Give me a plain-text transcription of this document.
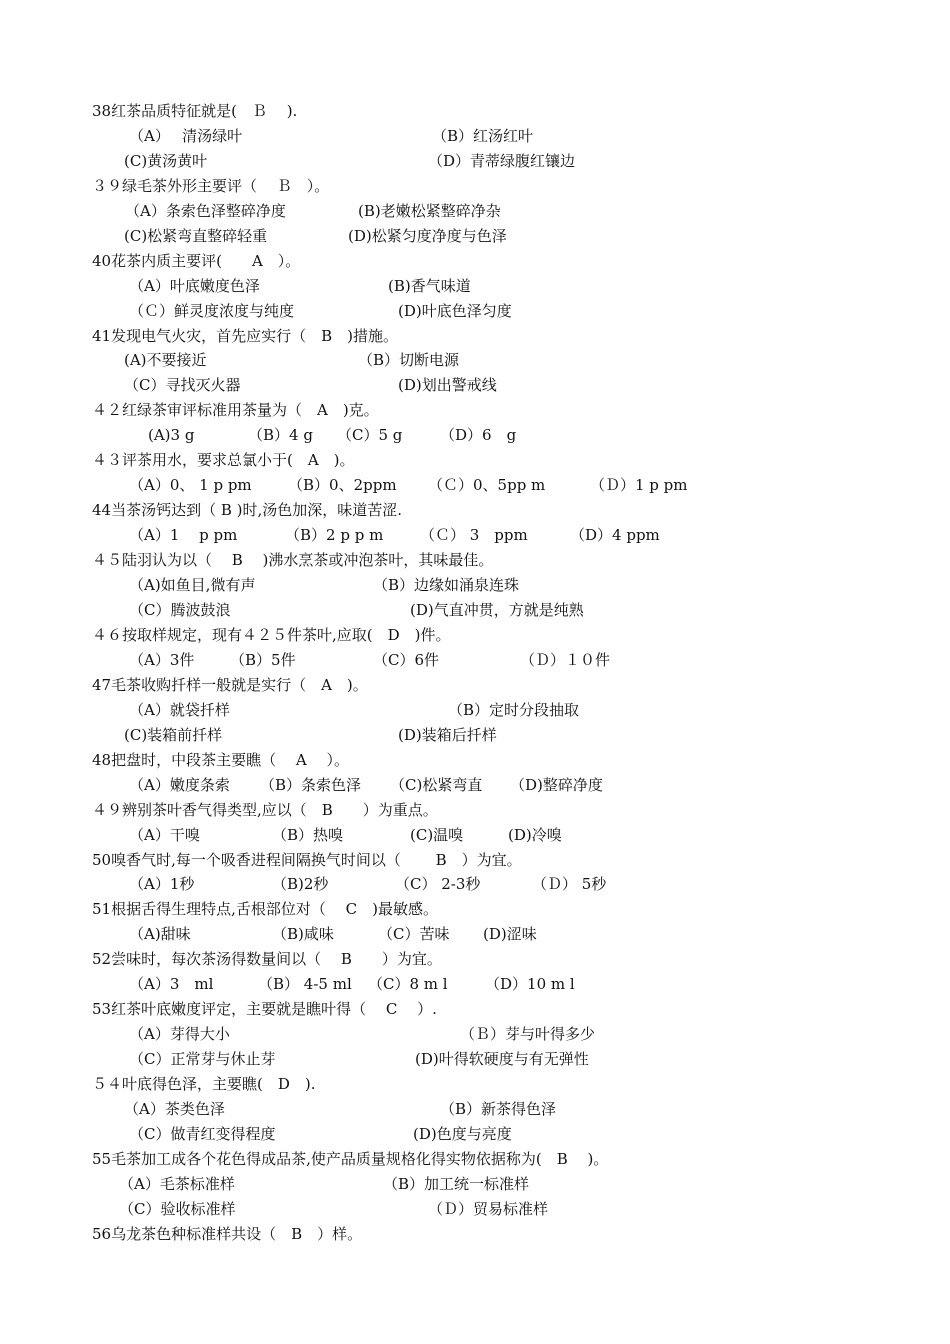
38红茶品质特征就是(　Ｂ　 ).
（A）　 清汤绿叶	（B）红汤红叶
(C)黄汤黄叶	（D）青蒂绿腹红镶边
３９绿毛茶外形主要评（　 Ｂ　）。
（A）条索色泽整碎净度	(B)老嫩松紧整碎净杂
(C)松紧弯直整碎轻重	(D)松紧匀度净度与色泽
40花茶内质主要评(　　A　）。
（A）叶底嫩度色泽	(B)香气味道
（Ｃ）鲜灵度浓度与纯度	(D)叶底色泽匀度
41发现电气火灾，首先应实行（　B　)措施。
(A)不要接近	（B）切断电源
（C）寻找灭火器	(D)划出警戒线
４２红绿茶审评标准用茶量为（　A　)克。
(A)3 g	（B）4 g （C）5 g	（D）6　g
４３评茶用水，要求总氯小于(　A　)。
（A）0、 1 p pm （B）0、2ppm （Ｃ）0、5pp m	（Ｄ）1 p pm
44当茶汤钙达到（ B )时,汤色加深，味道苦涩.
（A）1　 p pm	（B）2 p p m （Ｃ） 3　ppm	（D）4 ppm
４５陆羽认为以（　 B　 )沸水烹茶或冲泡茶叶，其味最佳。
（A)如鱼目,微有声	（B）边缘如涌泉连珠
（C）腾波鼓浪	(D)气直冲贯，方就是纯熟
４６按取样规定，现有４２５件茶叶,应取(　D　)件。
（A）3件 （B）5件	（C）6件	（Ｄ）１０件
47毛茶收购扦样一般就是实行（　A　)。
（A）就袋扦样	（B）定时分段抽取
(C)装箱前扦样	(D)装箱后扦样
48把盘时，中段茶主要瞧（　 A　 ）。
（A）嫩度条索 （B）条索色泽 （C)松紧弯直 （D)整碎净度
４９辨别茶叶香气得类型,应以（　B　　）为重点。
（A）干嗅	（B）热嗅	(C)温嗅	(D)冷嗅
50嗅香气时,每一个吸香进程间隔换气时间以（　　 B　）为宜。
（A）1秒	（B)2秒	（C） 2-3秒	（Ｄ） 5秒
51根据舌得生理特点,舌根部位对（　 C　)最敏感。
（A)甜味	（B)咸味	（C）苦味 (D)涩味
52尝味时，每次茶汤得数量间以（　 B　　）为宜。
（A）3　ml	（B） 4-5 ml （C）8 m l （D）10 m l
53红茶叶底嫩度评定，主要就是瞧叶得（　 C　 ）.
（A）芽得大小	（Ｂ）芽与叶得多少
（C）正常芽与休止芽	(D)叶得软硬度与有无弹性
５４叶底得色泽，主要瞧(　D　).
（A）茶类色泽	（B）新茶得色泽
（C）做青红变得程度	(D)色度与亮度
55毛茶加工成各个花色得成品茶,使产品质量规格化得实物依据称为(　B　 )。
（A）毛茶标准样	（B）加工统一标准样
（C）验收标准样	（Ｄ）贸易标准样
56乌龙茶色种标准样共设（　B　）样。
